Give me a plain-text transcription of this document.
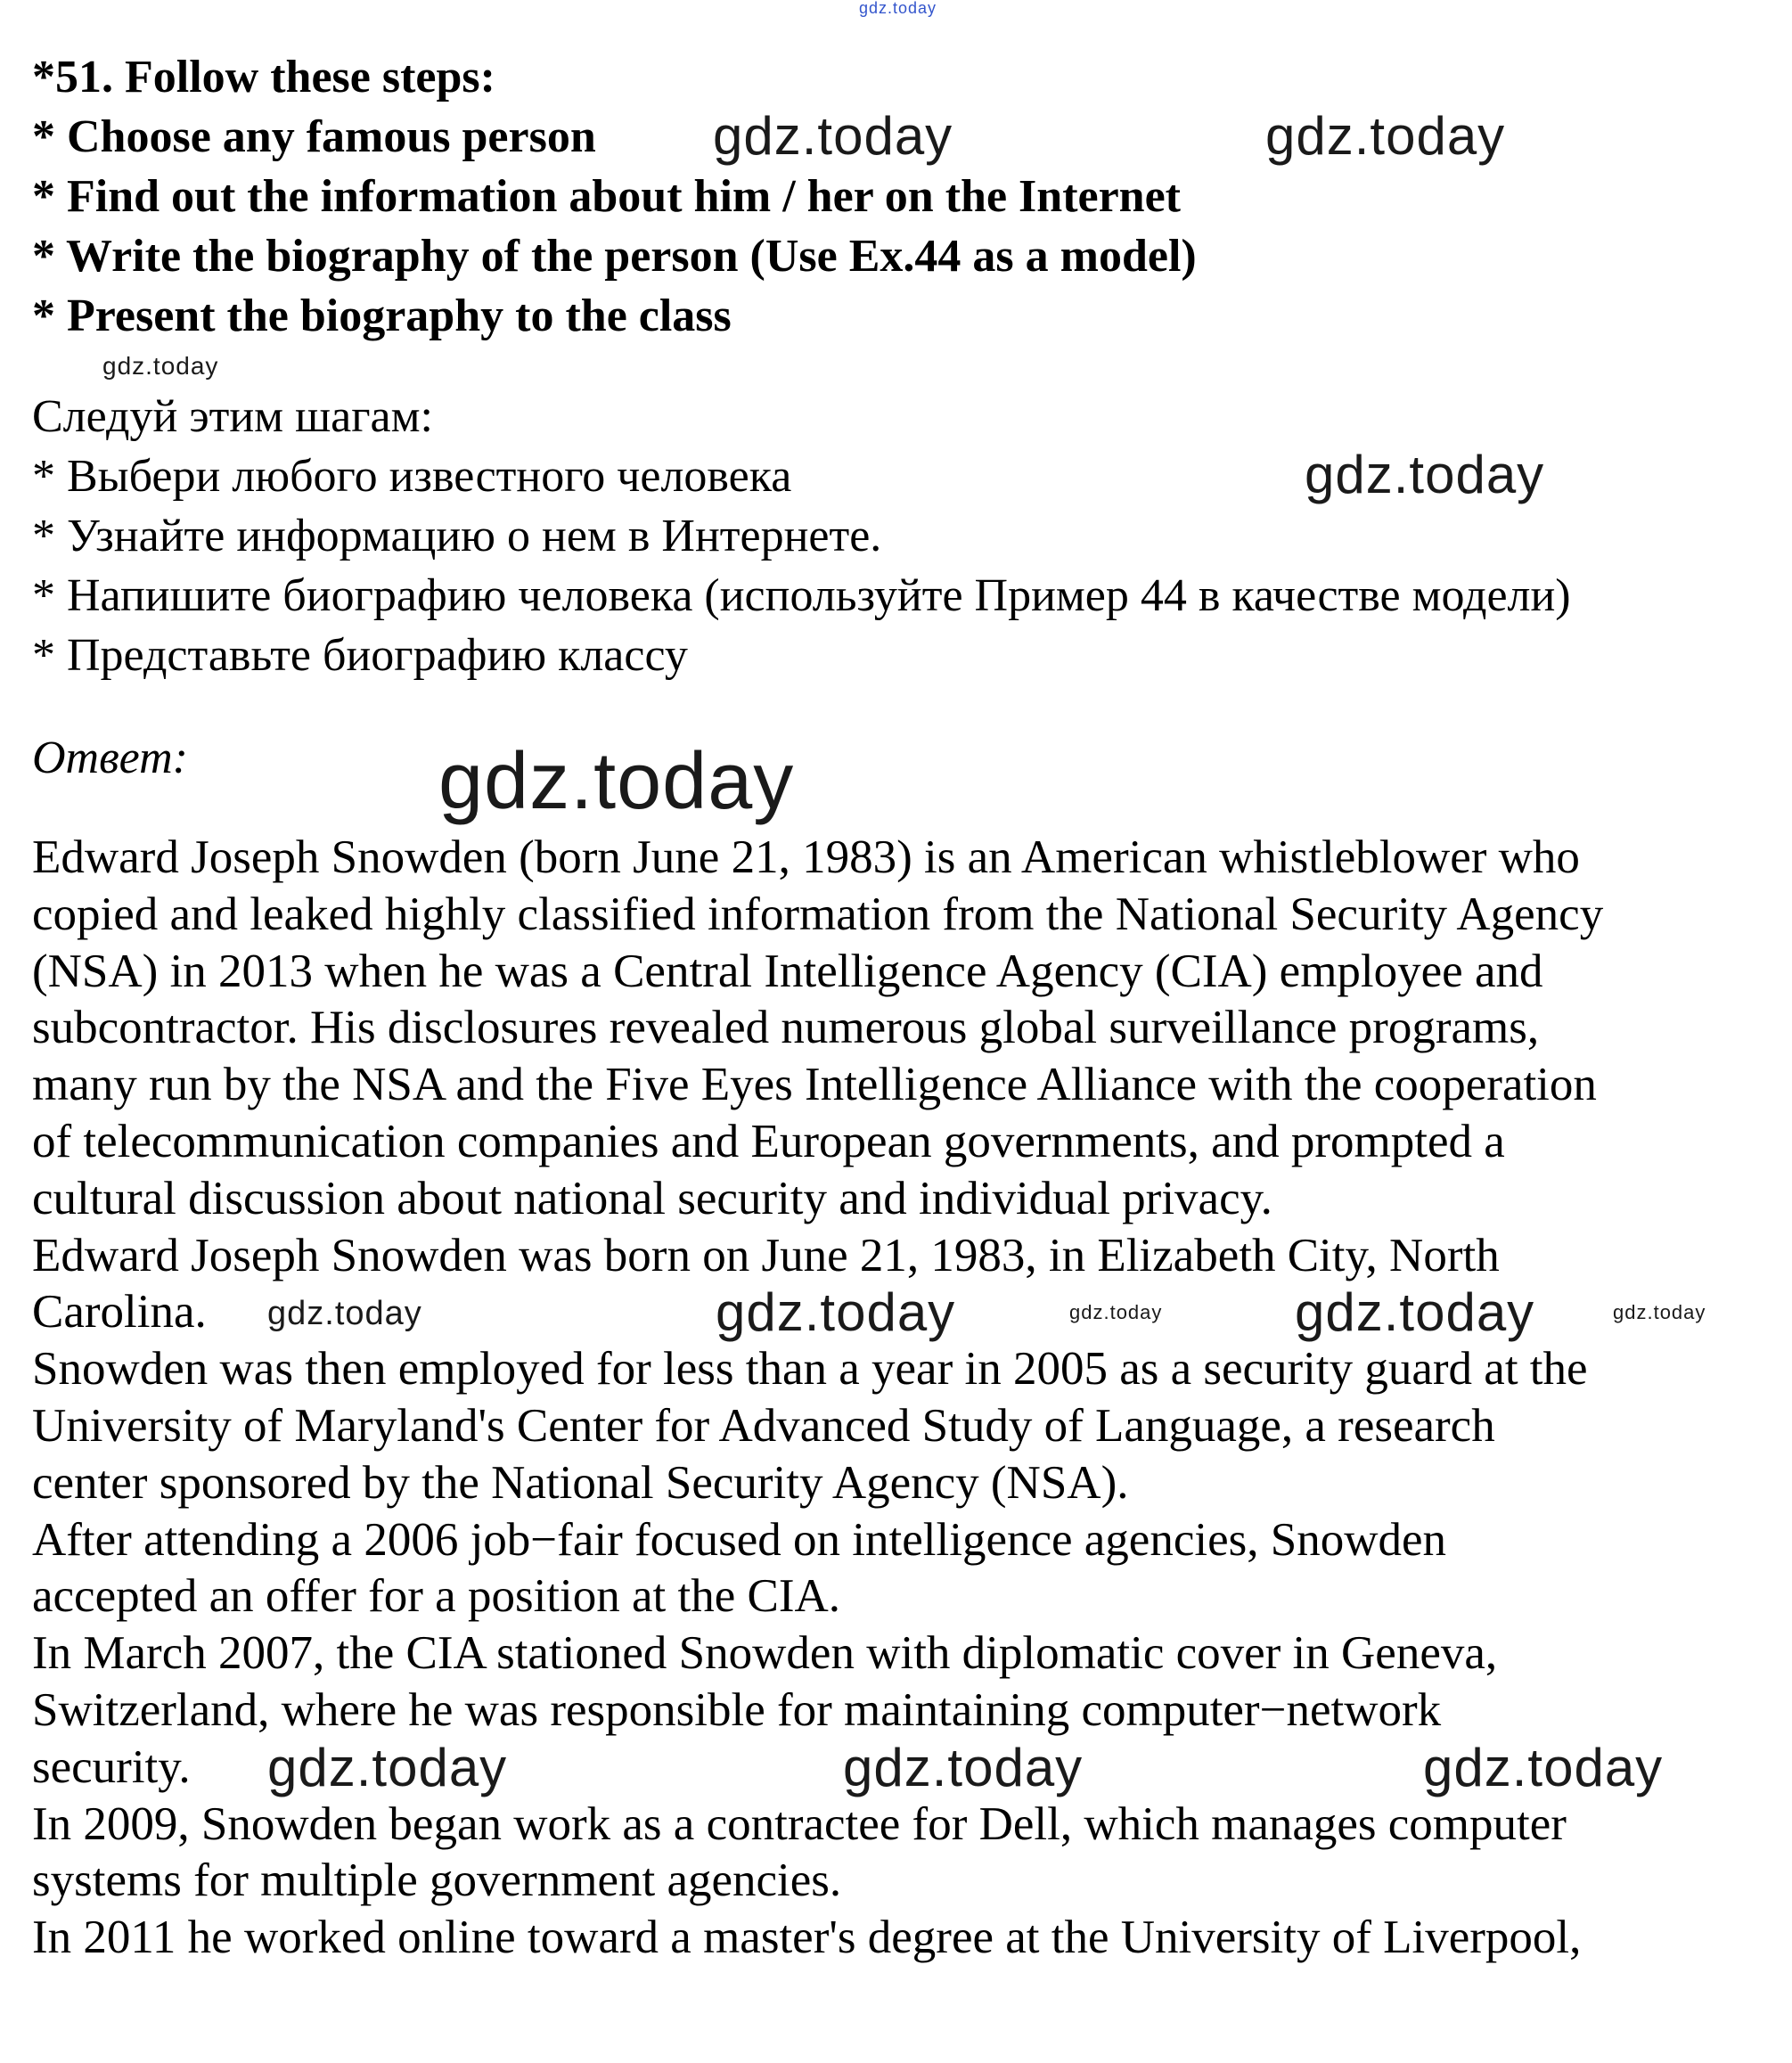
*51. Follow these steps:
* Choose any famous person
* Find out the information about him / her on the Internet
* Write the biography of the person (Use Ex.44 as a model)
* Present the biography to the class
Следуй этим шагам:
* Выбери любого известного человека
* Узнайте информацию о нем в Интернете.
* Напишите биографию человека (используйте Пример 44 в качестве модели)
* Представьте биографию классу
Ответ:
Edward Joseph Snowden (born June 21, 1983) is an American whistleblower who
copied and leaked highly classified information from the National Security Agency
(NSA) in 2013 when he was a Central Intelligence Agency (CIA) employee and
subcontractor. His disclosures revealed numerous global surveillance programs,
many run by the NSA and the Five Eyes Intelligence Alliance with the cooperation
of telecommunication companies and European governments, and prompted a
cultural discussion about national security and individual privacy.
Edward Joseph Snowden was born on June 21, 1983, in Elizabeth City, North
Carolina.
Snowden was then employed for less than a year in 2005 as a security guard at the
University of Maryland's Center for Advanced Study of Language, a research
center sponsored by the National Security Agency (NSA).
After attending a 2006 job−fair focused on intelligence agencies, Snowden
accepted an offer for a position at the CIA.
In March 2007, the CIA stationed Snowden with diplomatic cover in Geneva,
Switzerland, where he was responsible for maintaining computer−network
security.
In 2009, Snowden began work as a contractee for Dell, which manages computer
systems for multiple government agencies.
In 2011 he worked online toward a master's degree at the University of Liverpool,
gdz.today
gdz.today	gdz.today
gdz.today
gdz.today
gdz.today
gdz.today	gdz.today
gdz.today	gdz.today
gdz.today
gdz.today	gdz.today	gdz.today
